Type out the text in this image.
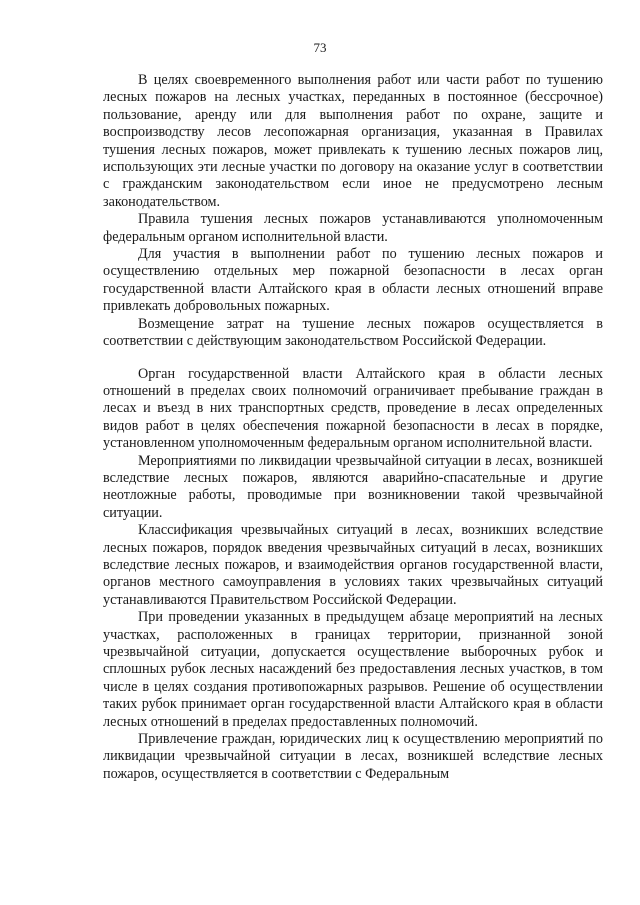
73

В целях своевременного выполнения работ или части работ по тушению лесных пожаров на лесных участках, переданных в постоянное (бессрочное) пользование, аренду или для выполнения работ по охране, защите и воспроизводству лесов лесопожарная организация, указанная в Правилах тушения лесных пожаров, может привлекать к тушению лесных пожаров лиц, использующих эти лесные участки по договору на оказание услуг в соответствии с гражданским законодательством если иное не предусмотрено лесным законодательством.

Правила тушения лесных пожаров устанавливаются уполномоченным федеральным органом исполнительной власти.

Для участия в выполнении работ по тушению лесных пожаров и осуществлению отдельных мер пожарной безопасности в лесах орган государственной власти Алтайского края в области лесных отношений вправе привлекать добровольных пожарных.

Возмещение затрат на тушение лесных пожаров осуществляется в соответствии с действующим законодательством Российской Федерации.

Орган государственной власти Алтайского края в области лесных отношений в пределах своих полномочий ограничивает пребывание граждан в лесах и въезд в них транспортных средств, проведение в лесах определенных видов работ в целях обеспечения пожарной безопасности в лесах в порядке, установленном уполномоченным федеральным органом исполнительной власти.

Мероприятиями по ликвидации чрезвычайной ситуации в лесах, возникшей вследствие лесных пожаров, являются аварийно-спасательные и другие неотложные работы, проводимые при возникновении такой чрезвычайной ситуации.

Классификация чрезвычайных ситуаций в лесах, возникших вследствие лесных пожаров, порядок введения чрезвычайных ситуаций в лесах, возникших вследствие лесных пожаров, и взаимодействия органов государственной власти, органов местного самоуправления в условиях таких чрезвычайных ситуаций устанавливаются Правительством Российской Федерации.

При проведении указанных в предыдущем абзаце мероприятий на лесных участках, расположенных в границах территории, признанной зоной чрезвычайной ситуации, допускается осуществление выборочных рубок и сплошных рубок лесных насаждений без предоставления лесных участков, в том числе в целях создания противопожарных разрывов. Решение об осуществлении таких рубок принимает орган государственной власти Алтайского края в области лесных отношений в пределах предоставленных полномочий.

Привлечение граждан, юридических лиц к осуществлению мероприятий по ликвидации чрезвычайной ситуации в лесах, возникшей вследствие лесных пожаров, осуществляется в соответствии с Федеральным
